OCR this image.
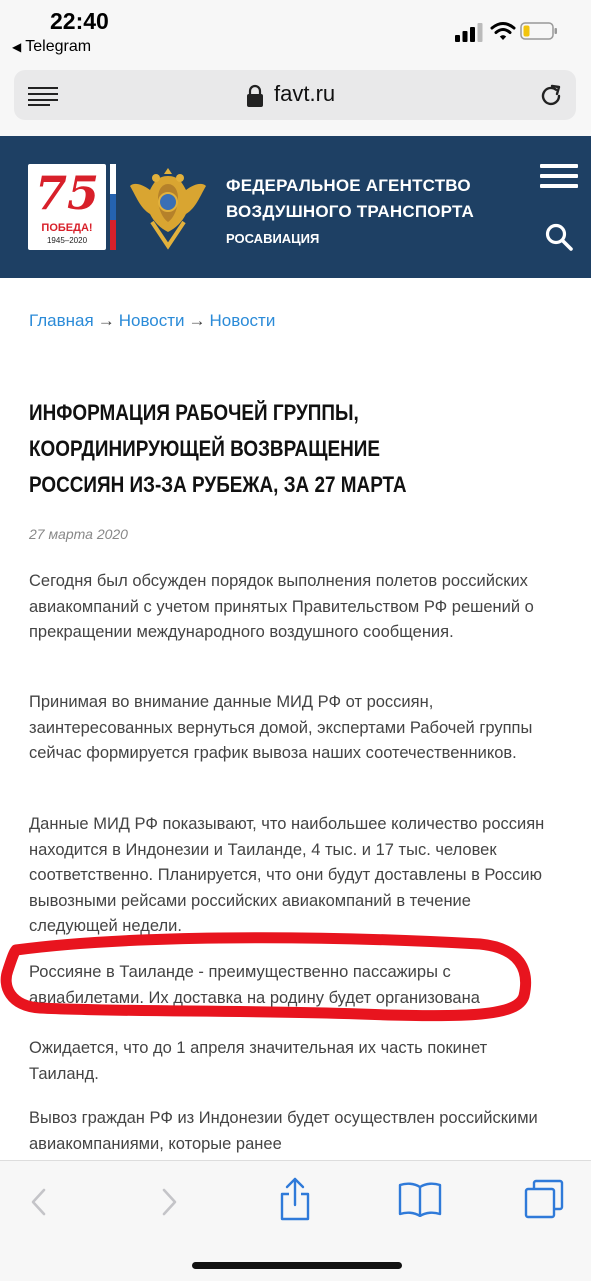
22:40
◀ Telegram
favt.ru
75
ПОБЕДА!
1945–2020
ФЕДЕРАЛЬНОЕ АГЕНТСТВО
ВОЗДУШНОГО ТРАНСПОРТА
РОСАВИАЦИЯ
Главная → Новости → Новости
ИНФОРМАЦИЯ РАБОЧЕЙ ГРУППЫ, КООРДИНИРУЮЩЕЙ ВОЗВРАЩЕНИЕ РОССИЯН ИЗ-ЗА РУБЕЖА, ЗА 27 МАРТА
27 марта 2020
Сегодня был обсужден порядок выполнения полетов российских авиакомпаний с учетом принятых Правительством РФ решений о прекращении международного воздушного сообщения.
Принимая во внимание данные МИД РФ от россиян, заинтересованных вернуться домой, экспертами Рабочей группы сейчас формируется график вывоза наших соотечественников.
Данные МИД РФ показывают, что наибольшее количество россиян находится в Индонезии и Таиланде, 4 тыс. и 17 тыс. человек соответственно. Планируется, что они будут доставлены в Россию вывозными рейсами российских авиакомпаний в течение следующей недели.
Россияне в Таиланде - преимущественно пассажиры с авиабилетами. Их доставка на родину будет организована
Ожидается, что до 1 апреля значительная их часть покинет Таиланд.
Вывоз граждан РФ из Индонезии будет осуществлен российскими авиакомпаниями, которые ранее
